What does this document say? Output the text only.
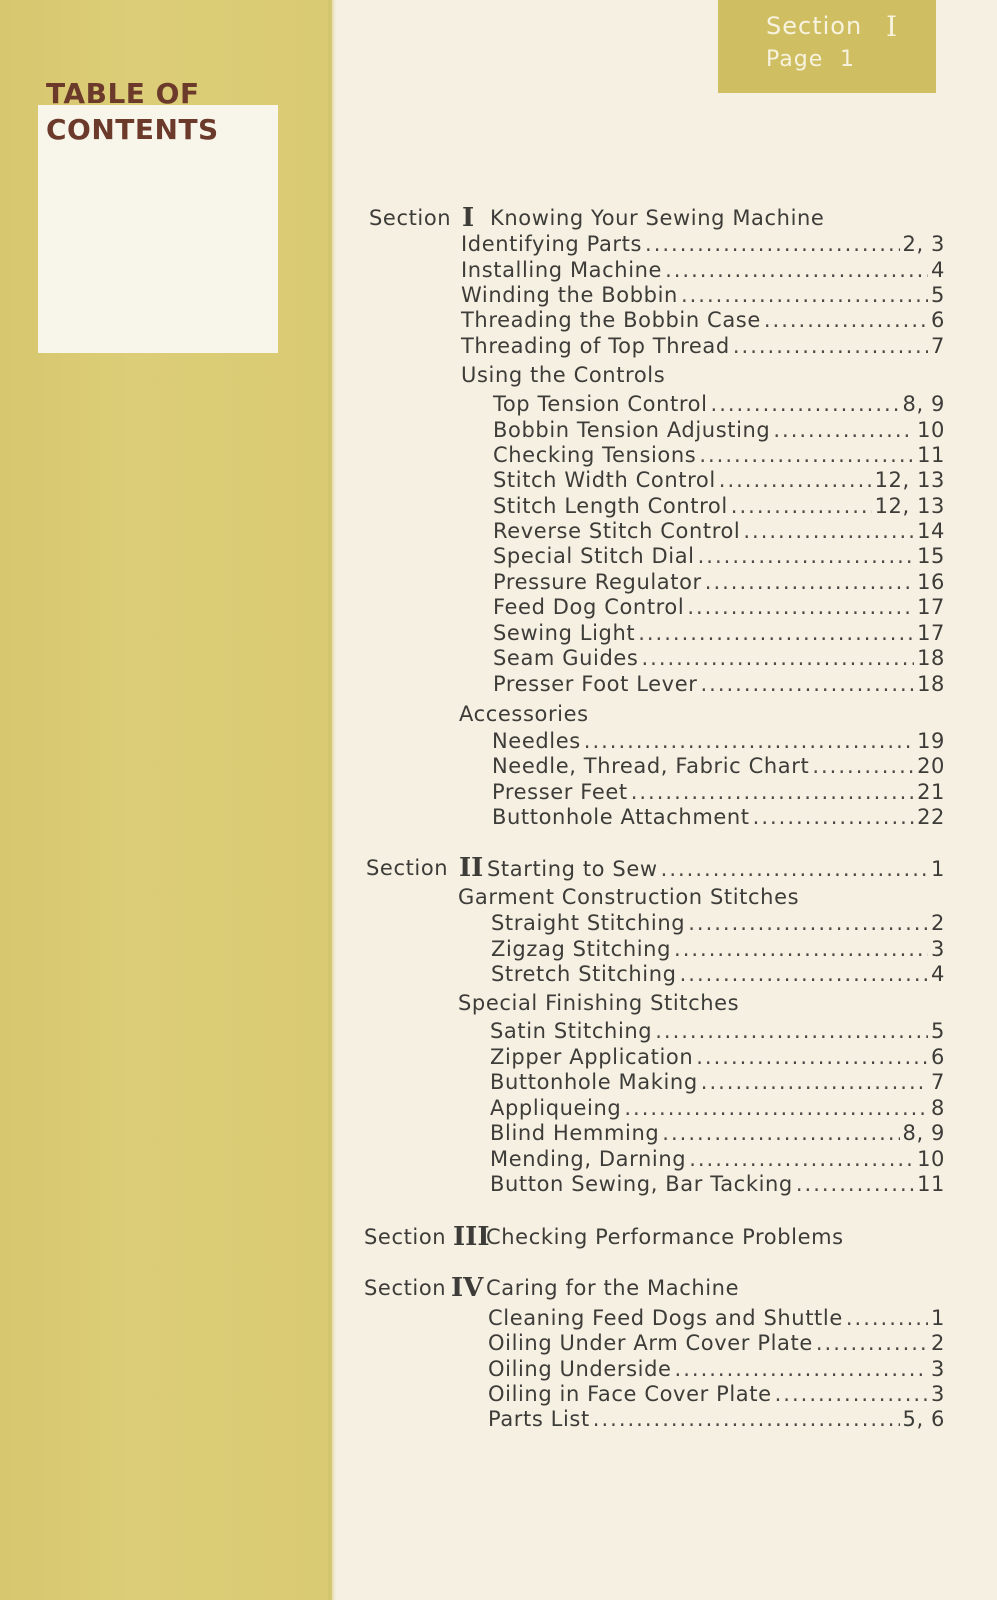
TABLE OF
CONTENTS
Section I
Page 1
Section I Knowing Your Sewing Machine
Identifying Parts .....	2, 3
Installing Machine .....	4
Winding the Bobbin .....	5
Threading the Bobbin Case .....	6
Threading of Top Thread .....	7
Using the Controls
Top Tension Control .....	8, 9
Bobbin Tension Adjusting .....	10
Checking Tensions .....	11
Stitch Width Control .....	12, 13
Stitch Length Control .....	12, 13
Reverse Stitch Control .....	14
Special Stitch Dial .....	15
Pressure Regulator .....	16
Feed Dog Control .....	17
Sewing Light .....	17
Seam Guides .....	18
Presser Foot Lever .....	18
Accessories
Needles .....	19
Needle, Thread, Fabric Chart .....	20
Presser Feet .....	21
Buttonhole Attachment .....	22
Section II Starting to Sew .....	1
Garment Construction Stitches
Straight Stitching .....	2
Zigzag Stitching .....	3
Stretch Stitching .....	4
Special Finishing Stitches
Satin Stitching .....	5
Zipper Application .....	6
Buttonhole Making .....	7
Appliqueing .....	8
Blind Hemming .....	8, 9
Mending, Darning .....	10
Button Sewing, Bar Tacking .....	11
Section III
Checking Performance Problems
Section IV Caring for the Machine
Cleaning Feed Dogs and Shuttle .....	1
Oiling Under Arm Cover Plate .....	2
Oiling Underside .....	3
Oiling in Face Cover Plate .....	3
Parts List .....	5, 6
